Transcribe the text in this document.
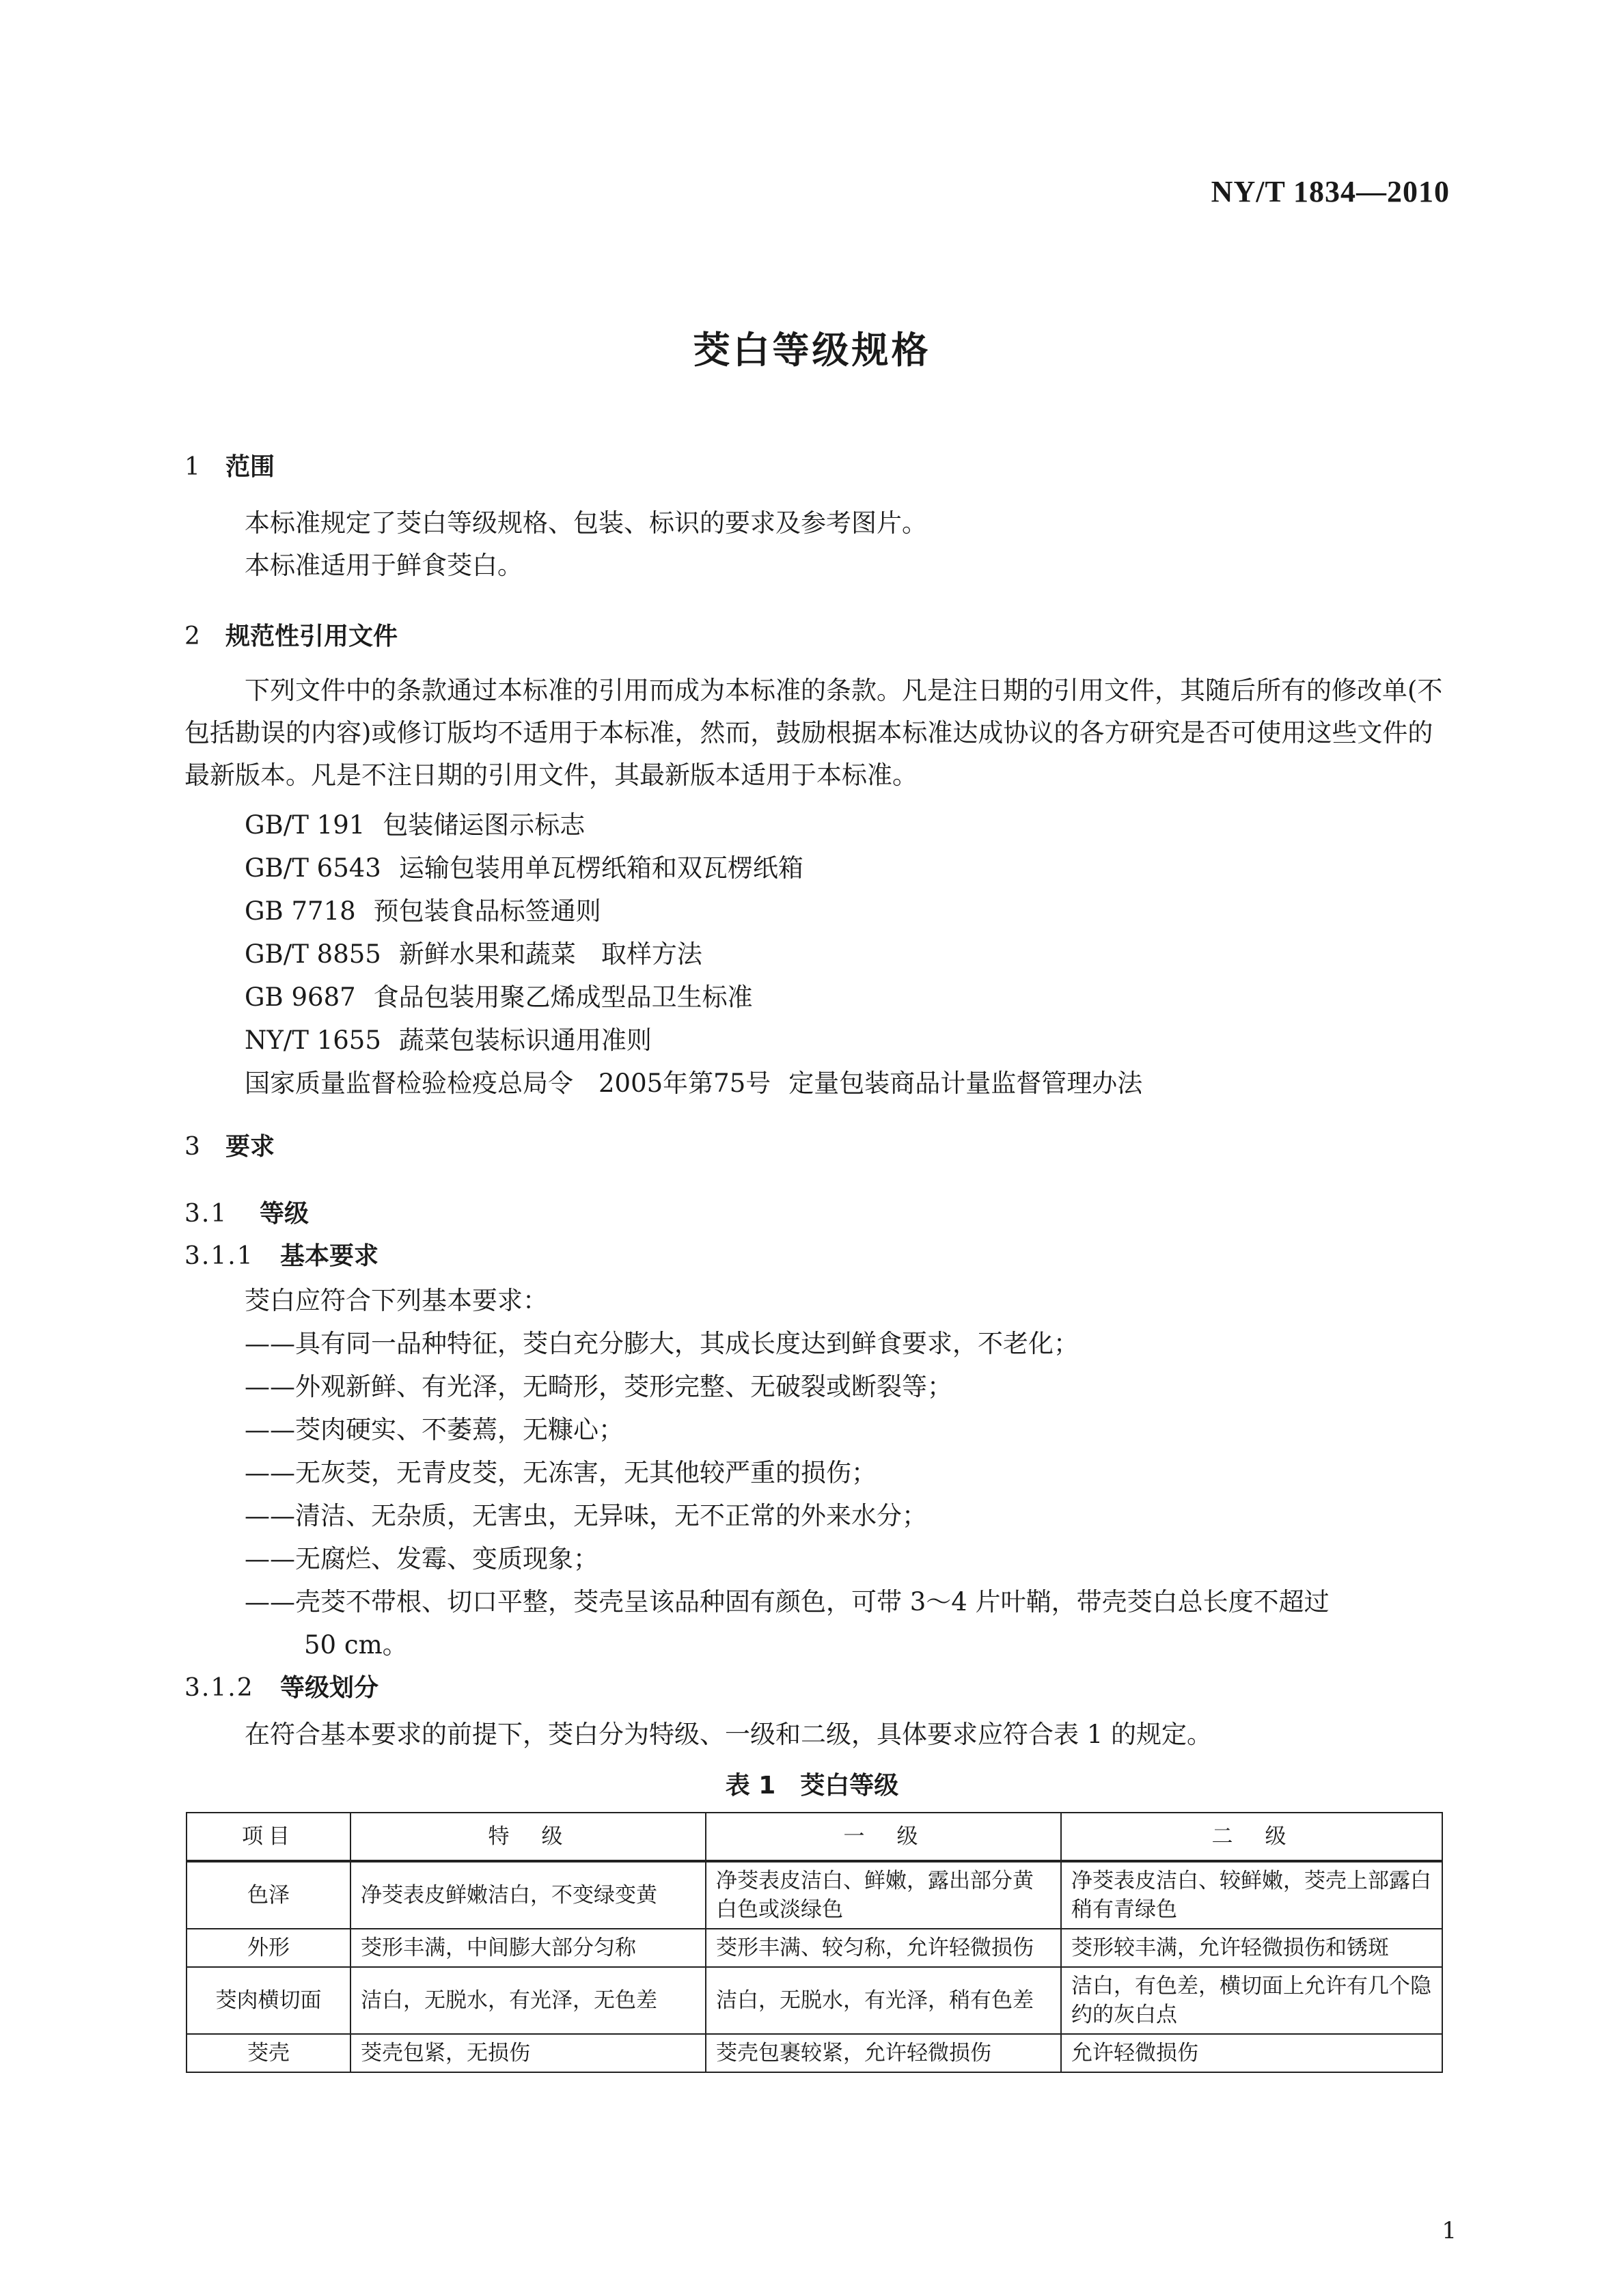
NY/T 1834—2010
茭白等级规格
1 范围
本标准规定了茭白等级规格、包装、标识的要求及参考图片。
本标准适用于鲜食茭白。
2 规范性引用文件
下列文件中的条款通过本标准的引用而成为本标准的条款。凡是注日期的引用文件，其随后所有的修改单(不包括勘误的内容)或修订版均不适用于本标准，然而，鼓励根据本标准达成协议的各方研究是否可使用这些文件的最新版本。凡是不注日期的引用文件，其最新版本适用于本标准。
GB/T 191 包装储运图示标志
GB/T 6543 运输包装用单瓦楞纸箱和双瓦楞纸箱
GB 7718 预包装食品标签通则
GB/T 8855 新鲜水果和蔬菜　取样方法
GB 9687 食品包装用聚乙烯成型品卫生标准
NY/T 1655 蔬菜包装标识通用准则
国家质量监督检验检疫总局令　2005年第75号 定量包装商品计量监督管理办法
3 要求
3.1 等级
3.1.1 基本要求
茭白应符合下列基本要求：
——具有同一品种特征，茭白充分膨大，其成长度达到鲜食要求，不老化；
——外观新鲜、有光泽，无畸形，茭形完整、无破裂或断裂等；
——茭肉硬实、不萎蔫，无糠心；
——无灰茭，无青皮茭，无冻害，无其他较严重的损伤；
——清洁、无杂质，无害虫，无异味，无不正常的外来水分；
——无腐烂、发霉、变质现象；
——壳茭不带根、切口平整，茭壳呈该品种固有颜色，可带 3～4 片叶鞘，带壳茭白总长度不超过
50 cm。
3.1.2 等级划分
在符合基本要求的前提下，茭白分为特级、一级和二级，具体要求应符合表 1 的规定。
表 1　茭白等级
项目	特　级	一　级	二　级
色泽	净茭表皮鲜嫩洁白，不变绿变黄	净茭表皮洁白、鲜嫩，露出部分黄白色或淡绿色	净茭表皮洁白、较鲜嫩，茭壳上部露白稍有青绿色
外形	茭形丰满，中间膨大部分匀称	茭形丰满、较匀称，允许轻微损伤	茭形较丰满，允许轻微损伤和锈斑
茭肉横切面	洁白，无脱水，有光泽，无色差	洁白，无脱水，有光泽，稍有色差	洁白，有色差，横切面上允许有几个隐约的灰白点
茭壳	茭壳包紧，无损伤	茭壳包裹较紧，允许轻微损伤	允许轻微损伤
1
